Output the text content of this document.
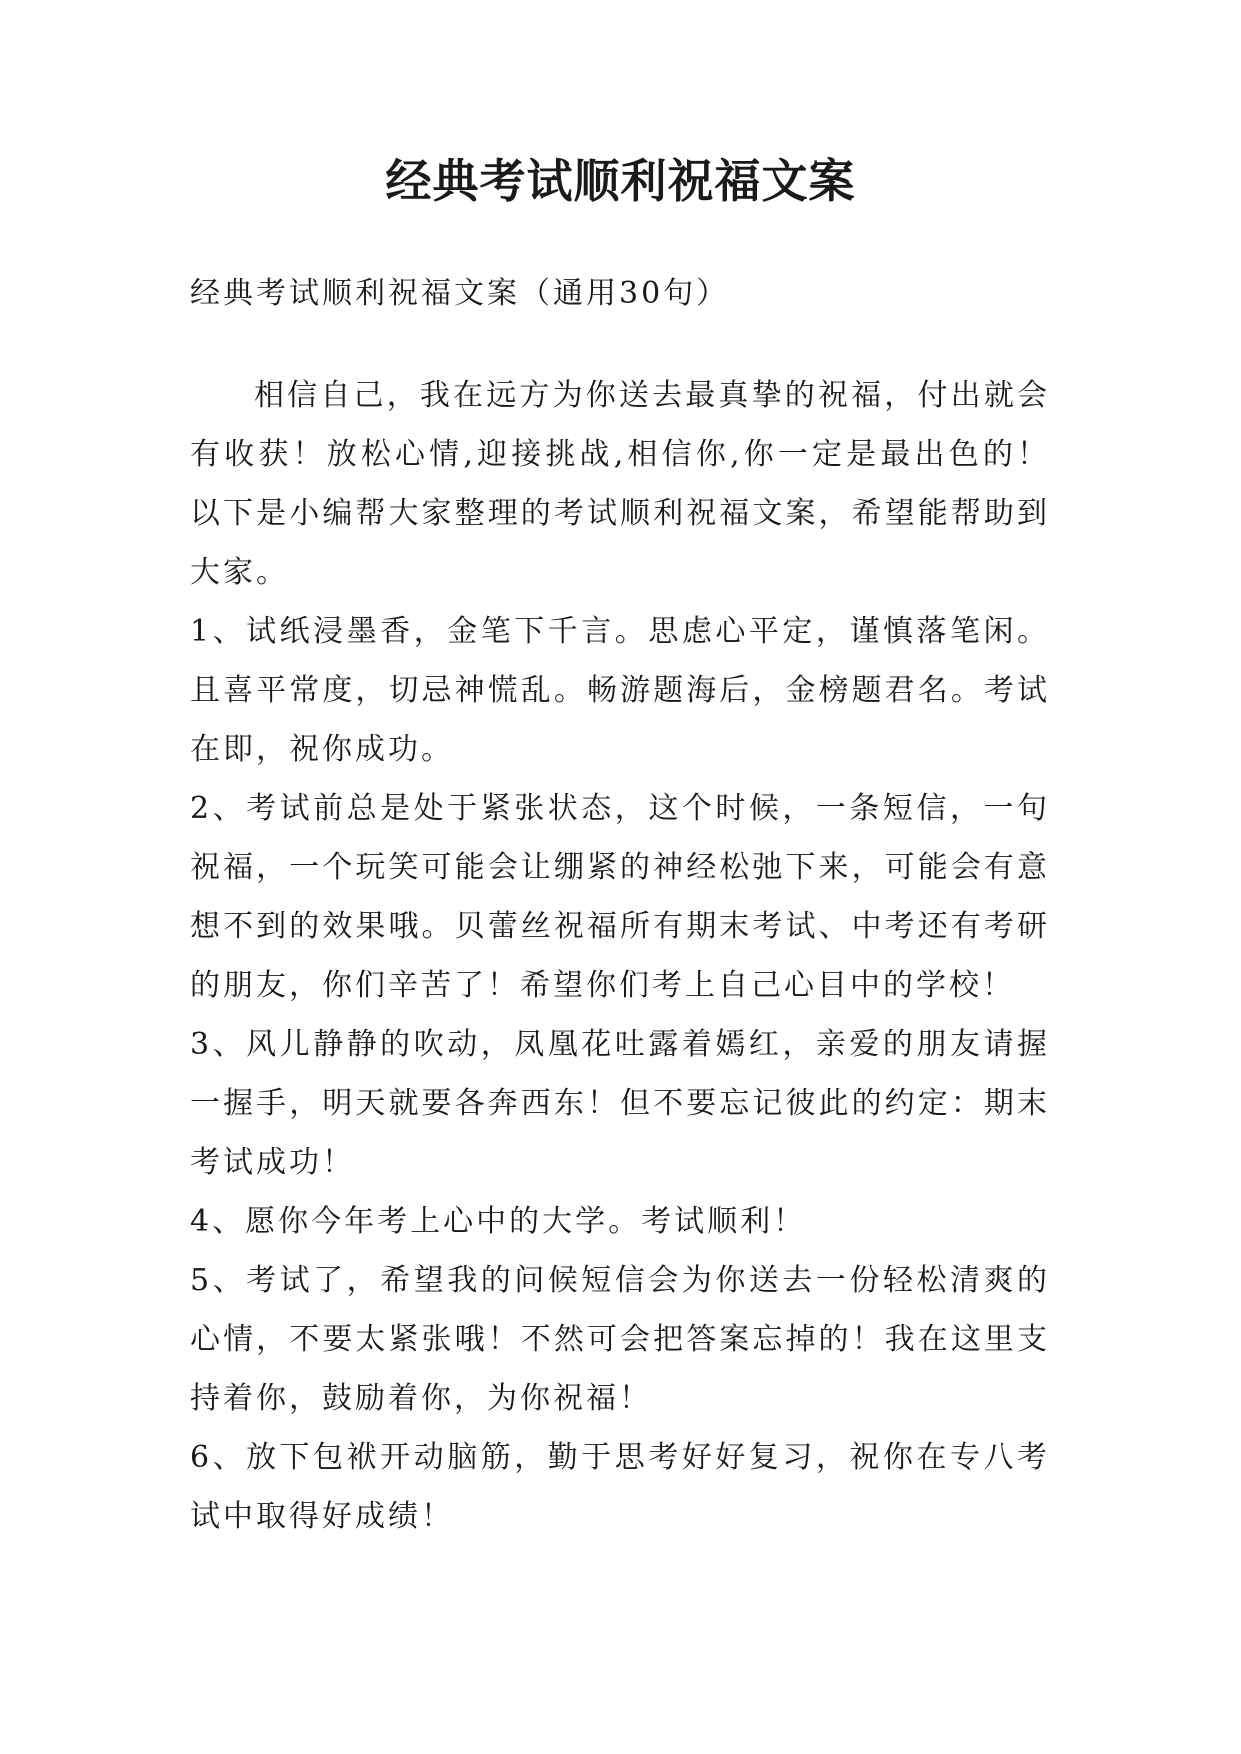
经典考试顺利祝福文案

经典考试顺利祝福文案（通用30句）

相信自己，我在远方为你送去最真挚的祝福，付出就会有收获！放松心情,迎接挑战,相信你,你一定是最出色的！以下是小编帮大家整理的考试顺利祝福文案，希望能帮助到大家。

1、试纸浸墨香，金笔下千言。思虑心平定，谨慎落笔闲。且喜平常度，切忌神慌乱。畅游题海后，金榜题君名。考试在即，祝你成功。

2、考试前总是处于紧张状态，这个时候，一条短信，一句祝福，一个玩笑可能会让绷紧的神经松弛下来，可能会有意想不到的效果哦。贝蕾丝祝福所有期末考试、中考还有考研的朋友，你们辛苦了！希望你们考上自己心目中的学校！

3、风儿静静的吹动，凤凰花吐露着嫣红，亲爱的朋友请握一握手，明天就要各奔西东！但不要忘记彼此的约定：期末考试成功！

4、愿你今年考上心中的大学。考试顺利！

5、考试了，希望我的问候短信会为你送去一份轻松清爽的心情，不要太紧张哦！不然可会把答案忘掉的！我在这里支持着你，鼓励着你，为你祝福！

6、放下包袱开动脑筋，勤于思考好好复习，祝你在专八考试中取得好成绩！
